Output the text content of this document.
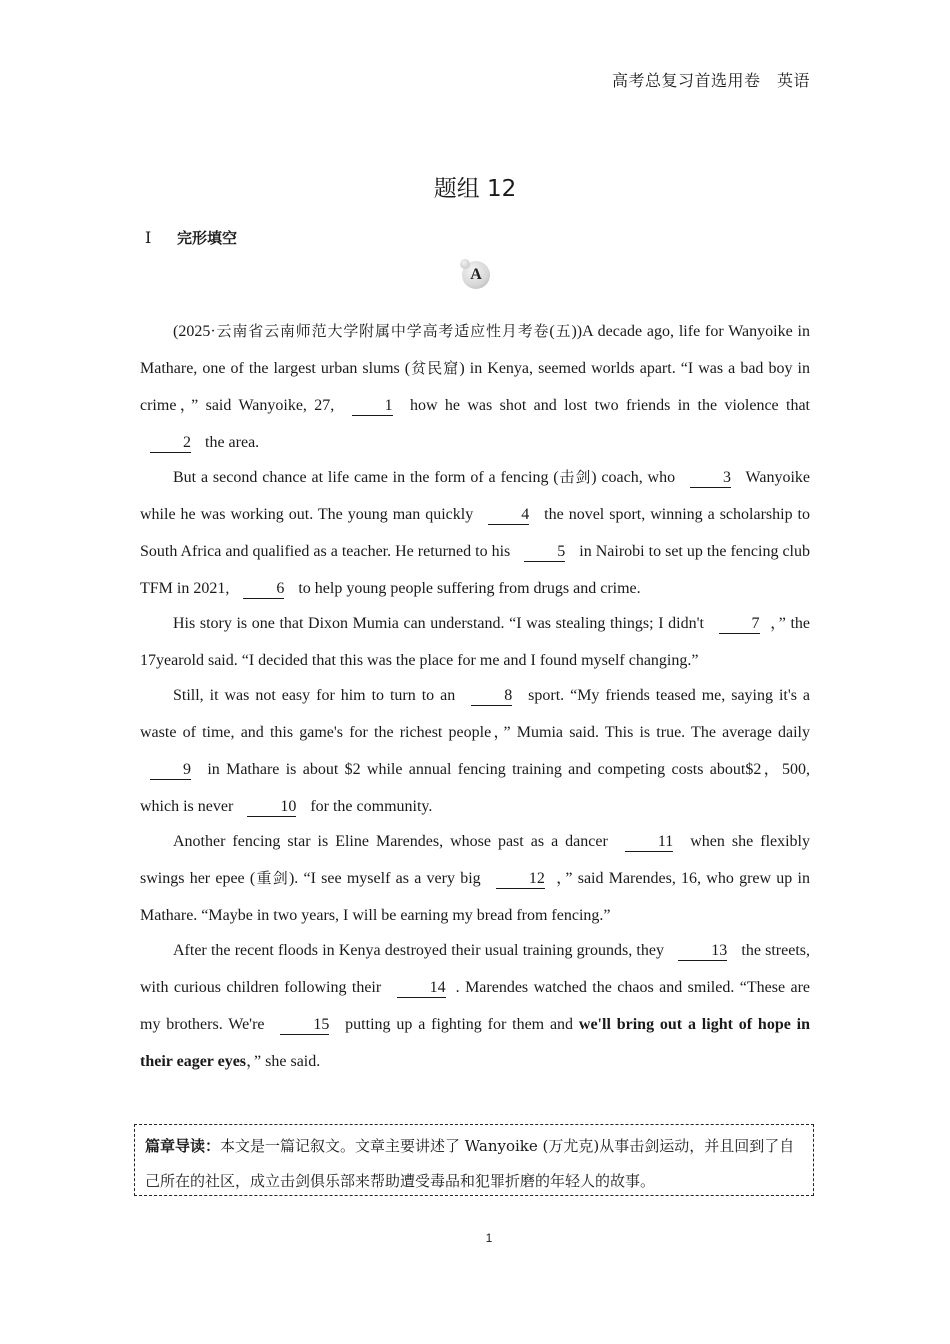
高考总复习首选用卷　英语
题组 12
Ⅰ 完形填空
A

(2025·云南省云南师范大学附属中学高考适应性月考卷(五))A decade ago, life for Wanyoike in Mathare, one of the largest urban slums (贫民窟) in Kenya, seemed worlds apart. “I was a bad boy in crime，” said Wanyoike, 27,	1 how he was shot and lost two friends in the violence that 2 the area.

But a second chance at life came in the form of a fencing (击剑) coach, who	3 Wanyoike while he was working out. The young man quickly	4 the novel sport, winning a scholarship to South Africa and qualified as a teacher. He returned to his	5 in Nairobi to set up the fencing club TFM in 2021,	6 to help young people suffering from drugs and crime.

His story is one that Dixon Mumia can understand. “I was stealing things; I didn't	7 ，” the 17yearold said. “I decided that this was the place for me and I found myself changing.”

Still, it was not easy for him to turn to an	8 sport. “My friends teased me, saying it's a waste of time, and this game's for the richest people，” Mumia said. This is true. The average daily 9 in Mathare is about $2 while annual fencing training and competing costs about$2，500, which is never	10 for the community.

Another fencing star is Eline Marendes, whose past as a dancer	11 when she flexibly swings her epee (重剑). “I see myself as a very big	12 ，” said Marendes, 16, who grew up in Mathare. “Maybe in two years, I will be earning my bread from fencing.”

After the recent floods in Kenya destroyed their usual training grounds, they	13 the streets, with curious children following their	14 . Marendes watched the chaos and smiled. “These are my brothers. We're	15 putting up a fighting for them and we'll bring out a light of hope in their eager eyes，” she said.

篇章导读：本文是一篇记叙文。文章主要讲述了 Wanyoike (万尤克)从事击剑运动，并且回到了自己所在的社区，成立击剑俱乐部来帮助遭受毒品和犯罪折磨的年轻人的故事。
1
